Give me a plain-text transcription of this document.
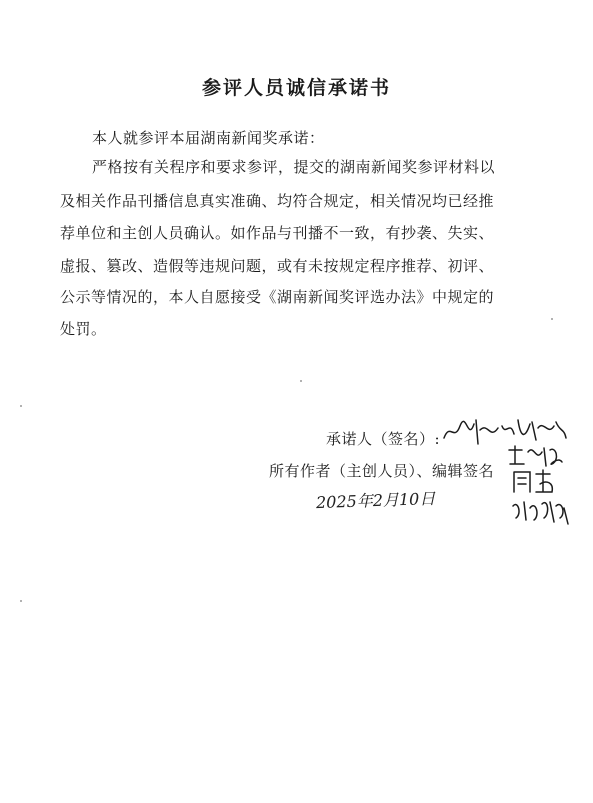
参评人员诚信承诺书
本人就参评本届湖南新闻奖承诺：
严格按有关程序和要求参评，提交的湖南新闻奖参评材料以
及相关作品刊播信息真实准确、均符合规定，相关情况均已经推
荐单位和主创人员确认。如作品与刊播不一致，有抄袭、失实、
虚报、篡改、造假等违规问题，或有未按规定程序推荐、初评、
公示等情况的，本人自愿接受《湖南新闻奖评选办法》中规定的
处罚。
承诺人（签名）:
所有作者（主创人员）、编辑签名
2025年2月10日
